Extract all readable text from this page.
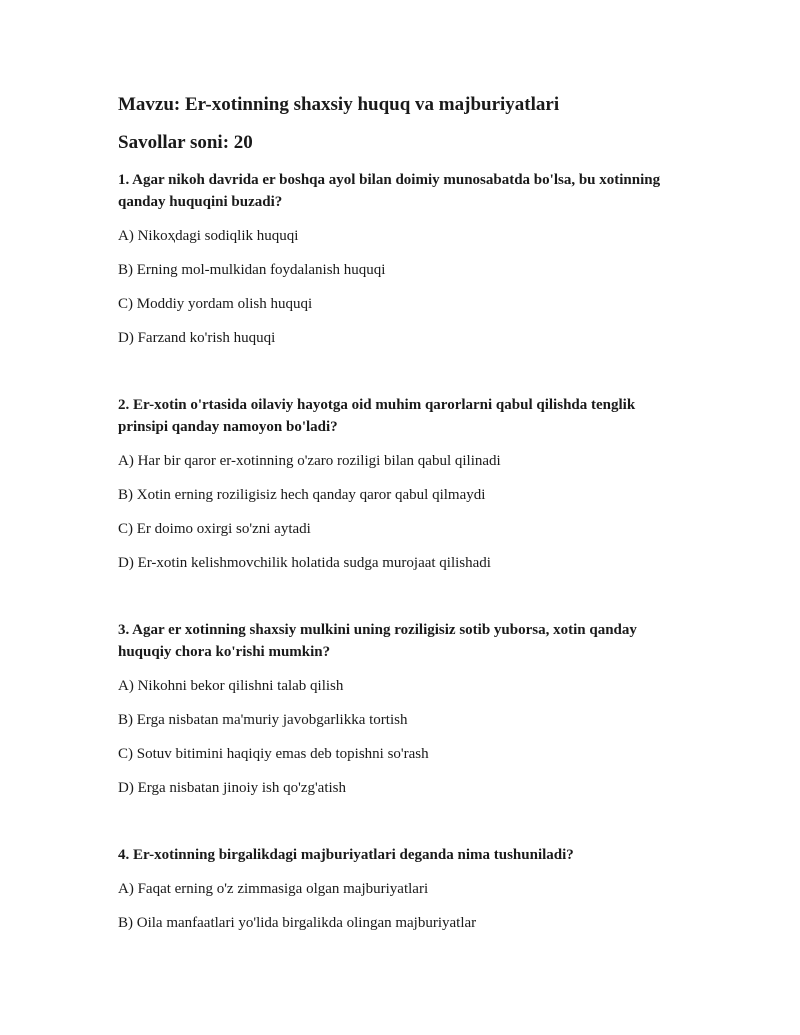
Mavzu: Er-xotinning shaxsiy huquq va majburiyatlari

Savollar soni: 20

1. Agar nikoh davrida er boshqa ayol bilan doimiy munosabatda bo'lsa, bu xotinning qanday huquqini buzadi?

A) Nikoҳdagi sodiqlik huquqi

B) Erning mol-mulkidan foydalanish huquqi

C) Moddiy yordam olish huquqi

D) Farzand ko'rish huquqi

2. Er-xotin o'rtasida oilaviy hayotga oid muhim qarorlarni qabul qilishda tenglik prinsipi qanday namoyon bo'ladi?

A) Har bir qaror er-xotinning o'zaro roziligi bilan qabul qilinadi

B) Xotin erning roziligisiz hech qanday qaror qabul qilmaydi

C) Er doimo oxirgi so'zni aytadi

D) Er-xotin kelishmovchilik holatida sudga murojaat qilishadi

3. Agar er xotinning shaxsiy mulkini uning roziligisiz sotib yuborsa, xotin qanday huquqiy chora ko'rishi mumkin?

A) Nikohni bekor qilishni talab qilish

B) Erga nisbatan ma'muriy javobgarlikka tortish

C) Sotuv bitimini haqiqiy emas deb topishni so'rash

D) Erga nisbatan jinoiy ish qo'zg'atish

4. Er-xotinning birgalikdagi majburiyatlari deganda nima tushuniladi?

A) Faqat erning o'z zimmasiga olgan majburiyatlari

B) Oila manfaatlari yo'lida birgalikda olingan majburiyatlar
